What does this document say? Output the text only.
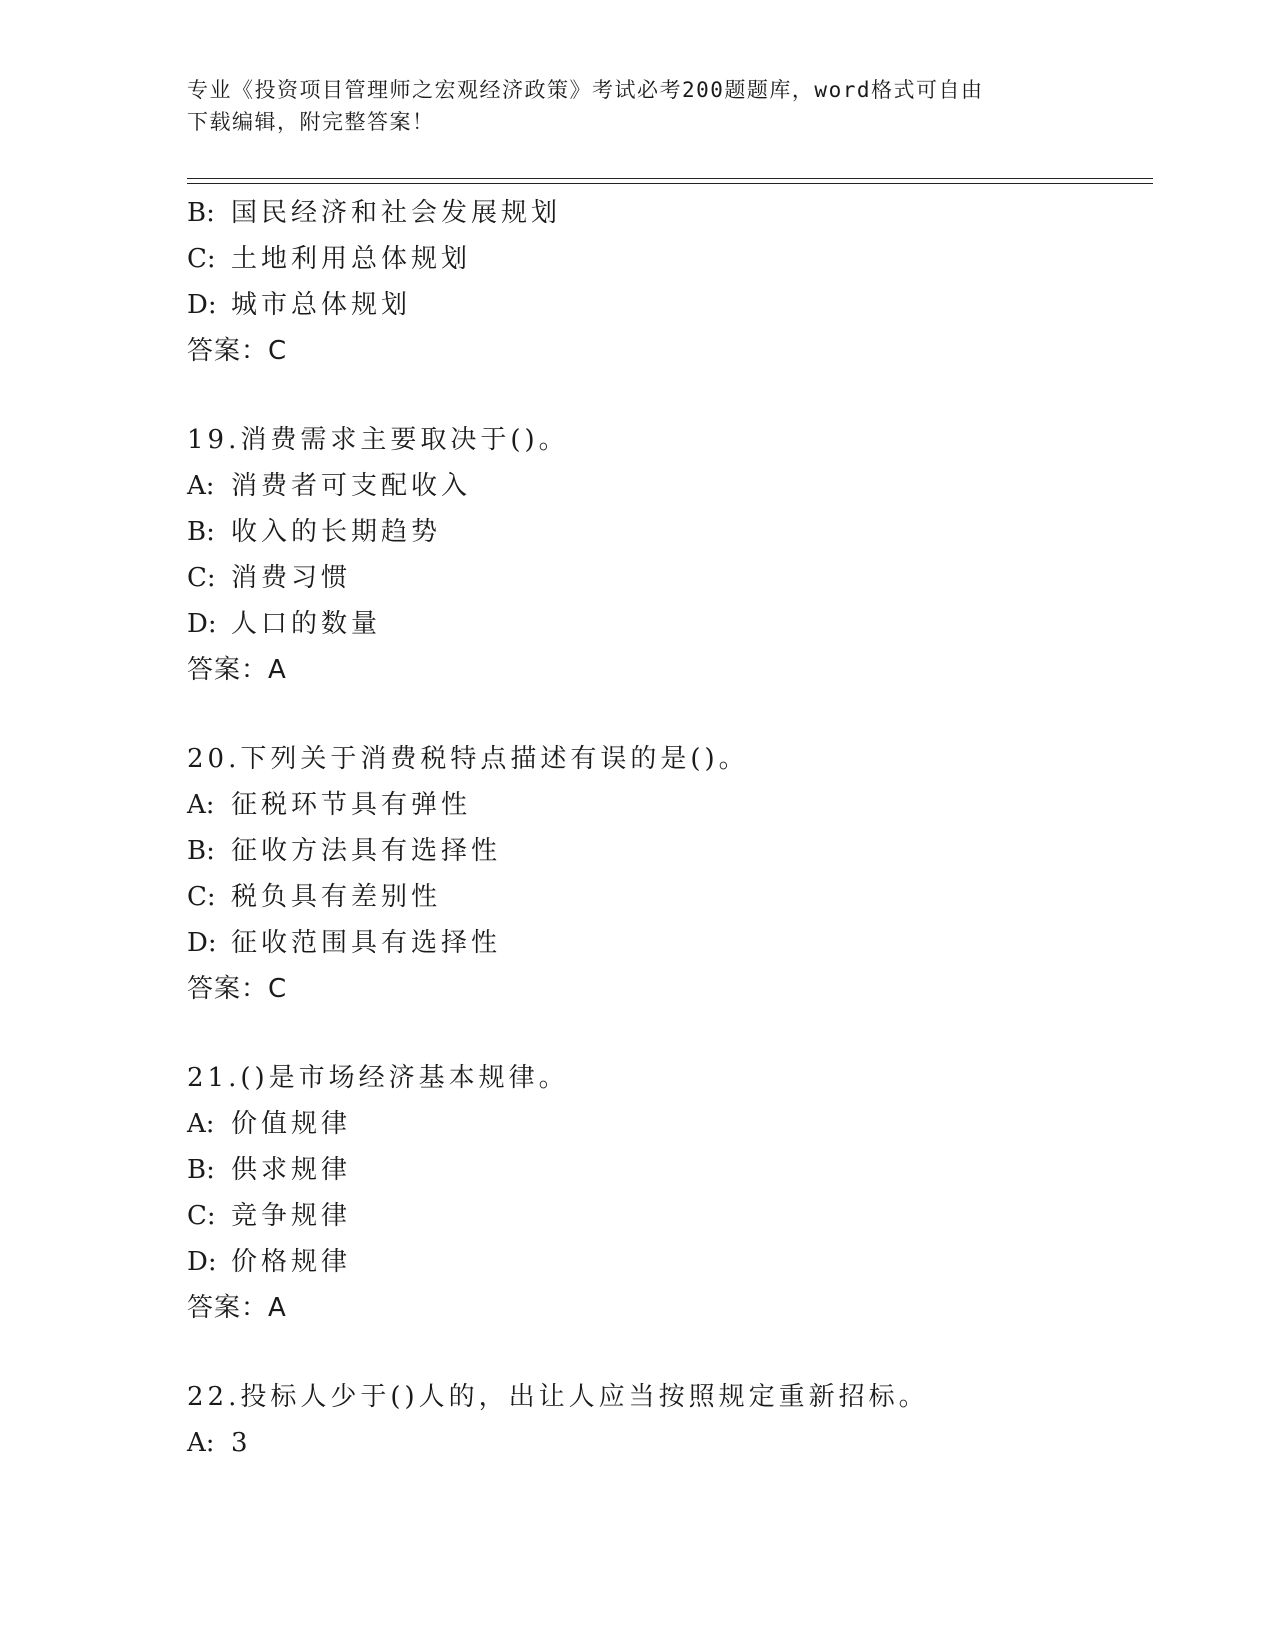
专业《投资项目管理师之宏观经济政策》考试必考200题题库，word格式可自由
下载编辑，附完整答案！
B: 国民经济和社会发展规划
C: 土地利用总体规划
D: 城市总体规划
答案：C
19.消费需求主要取决于()。
A: 消费者可支配收入
B: 收入的长期趋势
C: 消费习惯
D: 人口的数量
答案：A
20.下列关于消费税特点描述有误的是()。
A: 征税环节具有弹性
B: 征收方法具有选择性
C: 税负具有差别性
D: 征收范围具有选择性
答案：C
21.()是市场经济基本规律。
A: 价值规律
B: 供求规律
C: 竞争规律
D: 价格规律
答案：A
22.投标人少于()人的，出让人应当按照规定重新招标。
A: 3
